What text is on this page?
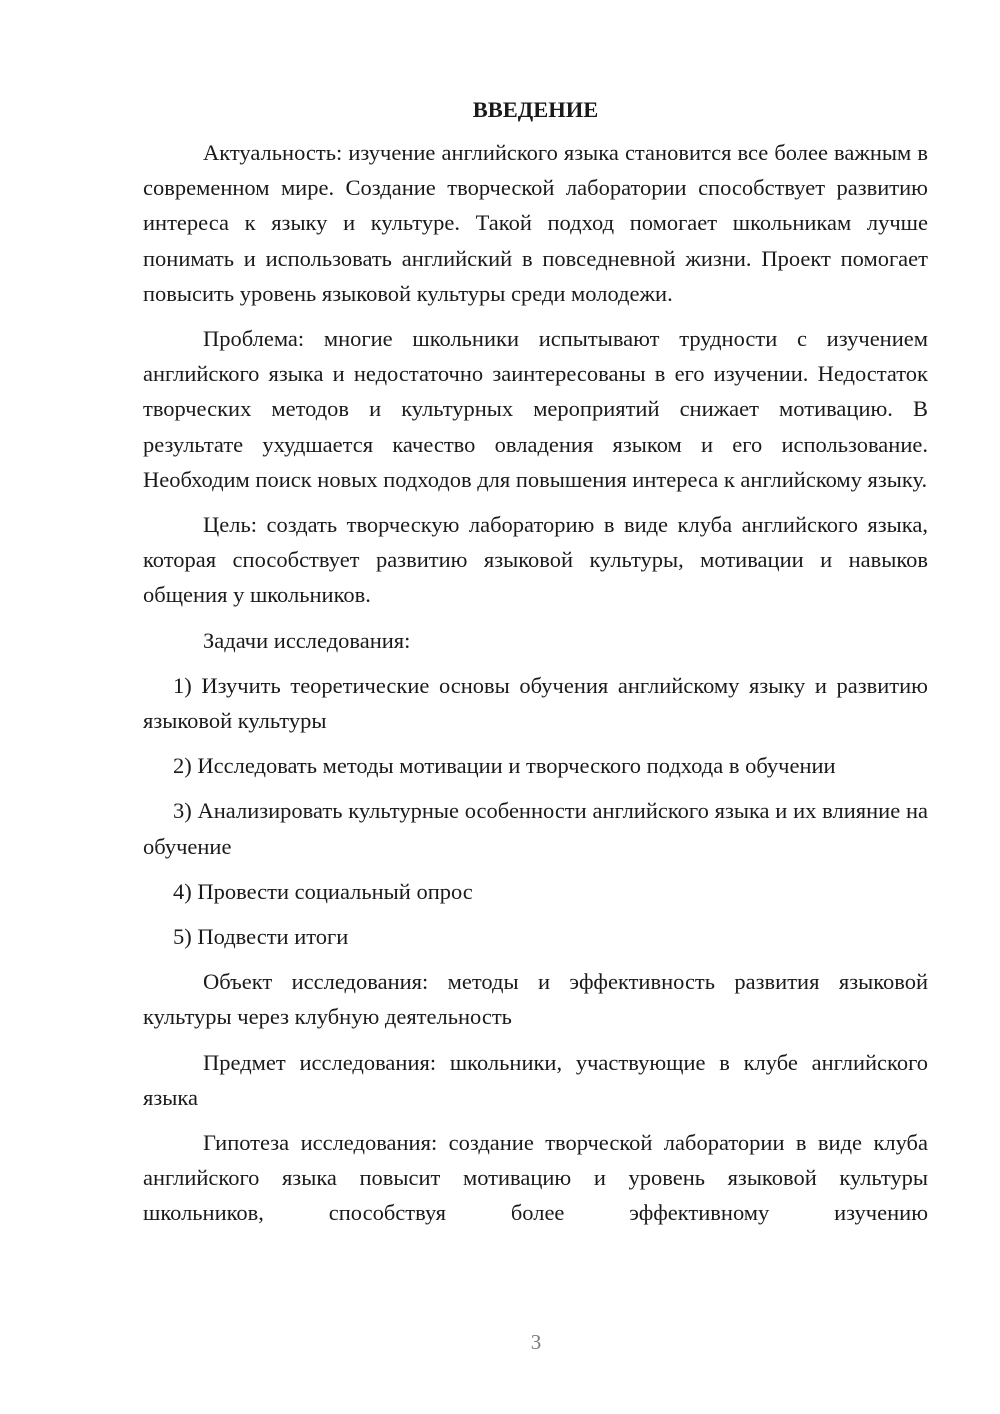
ВВЕДЕНИЕ

Актуальность: изучение английского языка становится все более важным в современном мире. Создание творческой лаборатории способствует развитию интереса к языку и культуре. Такой подход помогает школьникам лучше понимать и использовать английский в повседневной жизни. Проект помогает повысить уровень языковой культуры среди молодежи.

Проблема: многие школьники испытывают трудности с изучением английского языка и недостаточно заинтересованы в его изучении. Недостаток творческих методов и культурных мероприятий снижает мотивацию. В результате ухудшается качество овладения языком и его использование. Необходим поиск новых подходов для повышения интереса к английскому языку.

Цель: создать творческую лабораторию в виде клуба английского языка, которая способствует развитию языковой культуры, мотивации и навыков общения у школьников.

Задачи исследования:

1) Изучить теоретические основы обучения английскому языку и развитию языковой культуры

2) Исследовать методы мотивации и творческого подхода в обучении

3) Анализировать культурные особенности английского языка и их влияние на обучение

4) Провести социальный опрос

5) Подвести итоги

Объект исследования: методы и эффективность развития языковой культуры через клубную деятельность

Предмет исследования: школьники, участвующие в клубе английского языка

Гипотеза исследования: создание творческой лаборатории в виде клуба английского языка повысит мотивацию и уровень языковой культуры школьников, способствуя более эффективному изучению

3
